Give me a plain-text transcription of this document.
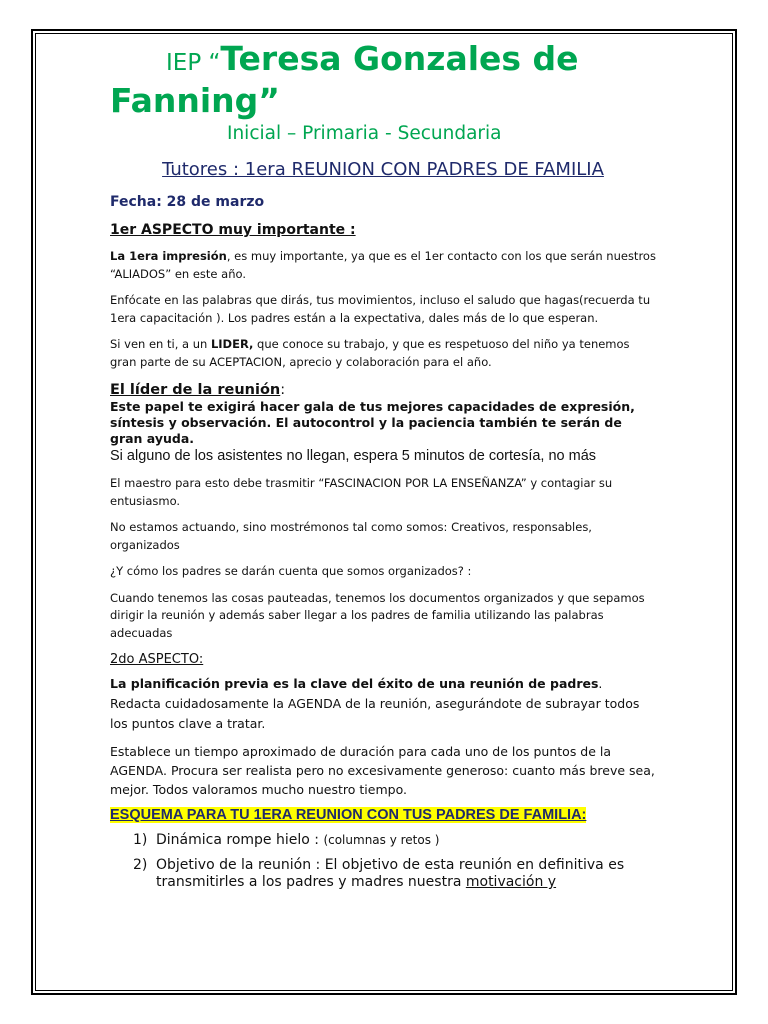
IEP “Teresa Gonzales de Fanning”

Inicial – Primaria - Secundaria

Tutores : 1era REUNION CON PADRES DE FAMILIA

Fecha: 28 de marzo

1er ASPECTO muy importante :

La 1era impresión, es muy importante, ya que es el 1er contacto con los que serán nuestros “ALIADOS” en este año.

Enfócate en las palabras que dirás, tus movimientos, incluso el saludo que hagas(recuerda tu 1era capacitación ). Los padres están a la expectativa, dales más de lo que esperan.

Si ven en ti, a un LIDER, que conoce su trabajo, y que es respetuoso del niño ya tenemos gran parte de su ACEPTACION, aprecio y colaboración para el año.

El líder de la reunión:

Este papel te exigirá hacer gala de tus mejores capacidades de expresión, síntesis y observación. El autocontrol y la paciencia también te serán de gran ayuda.

Si alguno de los asistentes no llegan, espera 5 minutos de cortesía, no más

El maestro para esto debe trasmitir “FASCINACION POR LA ENSEÑANZA” y contagiar su entusiasmo.

No estamos actuando, sino mostrémonos tal como somos: Creativos, responsables, organizados

¿Y cómo los padres se darán cuenta que somos organizados? :

Cuando tenemos las cosas pauteadas, tenemos los documentos organizados y que sepamos dirigir la reunión y además saber llegar a los padres de familia utilizando las palabras adecuadas

2do ASPECTO:

La planificación previa es la clave del éxito de una reunión de padres. Redacta cuidadosamente la AGENDA de la reunión, asegurándote de subrayar todos los puntos clave a tratar.

Establece un tiempo aproximado de duración para cada uno de los puntos de la AGENDA. Procura ser realista pero no excesivamente generoso: cuanto más breve sea, mejor. Todos valoramos mucho nuestro tiempo.

ESQUEMA PARA TU 1ERA REUNION CON TUS PADRES DE FAMILIA:

1) Dinámica rompe hielo : (columnas y retos )
2) Objetivo de la reunión : El objetivo de esta reunión en definitiva es transmitirles a los padres y madres nuestra motivación y
